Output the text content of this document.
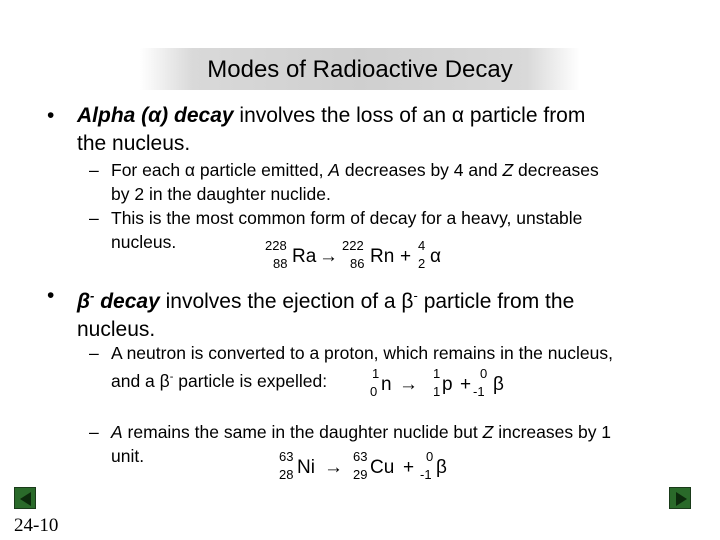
Modes of Radioactive Decay
• Alpha (α) decay involves the loss of an α particle from
the nucleus.
– For each α particle emitted, A decreases by 4 and Z decreases
by 2 in the daughter nuclide.
– This is the most common form of decay for a heavy, unstable
nucleus.	228
88 Ra →
222
86 Rn +
4
2 α
• β- decay involves the ejection of a β- particle from the
nucleus.
– A neutron is converted to a proton, which remains in the nucleus,
and a β- particle is expelled:	1
0 n →
1
1 p +
0
-1 β
– A remains the same in the daughter nuclide but Z increases by 1
unit.	63
28 Ni →
63
29 Cu +
0
-1 β
24-10
